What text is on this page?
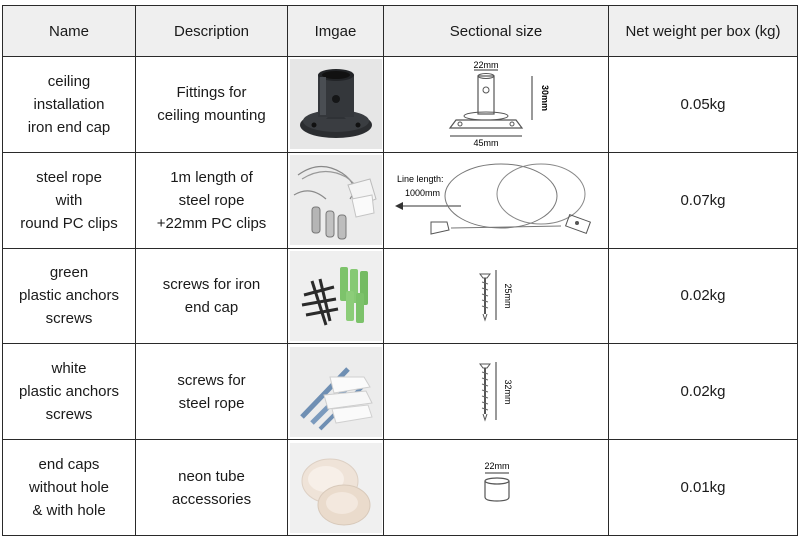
Name	Description	Imgae	Sectional size	Net weight per box (kg)

ceiling
installation
iron end cap	Fittings for
ceiling mounting		22mm
45mm
30mm	0.05kg

steel rope
with
round PC clips	1m length of
steel rope
+22mm PC clips		Line length:
1000mm	0.07kg

green
plastic anchors
screws	screws for iron
end cap		25mm	0.02kg

white
plastic anchors
screws	screws for
steel rope		32mm	0.02kg

end caps
without hole
& with hole	neon tube
accessories		22mm	0.01kg
